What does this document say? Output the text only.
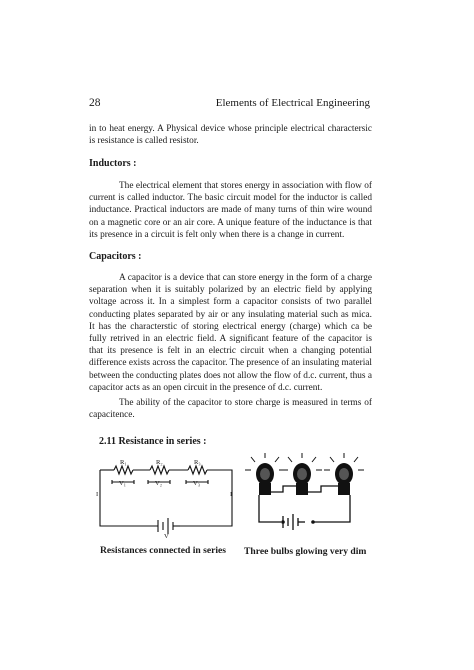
28	Elements of Electrical Engineering
in to heat energy. A Physical device whose principle electrical charactersic is resistance is called resistor.
Inductors :
The electrical element that stores energy in association with flow of current is called inductor. The basic circuit model for the inductor is called inductance. Practical inductors are made of many turns of thin wire wound on a magnetic core or an air core. A unique feature of the inductance is that its presence in a circuit is felt only when there is a change in current.
Capacitors :
A capacitor is a device that can store energy in the form of a charge separation when it is suitably polarized by an electric field by applying voltage across it. In a simplest form a capacitor consists of two parallel conducting plates separated by air or any insulating material such as mica. It has the characterstic of storing electrical energy (charge) which ca be fully retrived in an electric field. A significant feature of the capacitor is that its presence is felt in an electric circuit when a changing potential difference exists across the capacitor. The presence of an insulating material between the conducting plates does not allow the flow of d.c. current, thus a capacitor acts as an open circuit in the presence of d.c. current.
The ability of the capacitor to store charge is measured in terms of capacitence.
2.11 Resistance in series :
R₁	R₂	R₃
V₁	V₂	V₃
I	I
V
Resistances connected in series Three bulbs glowing very dim
